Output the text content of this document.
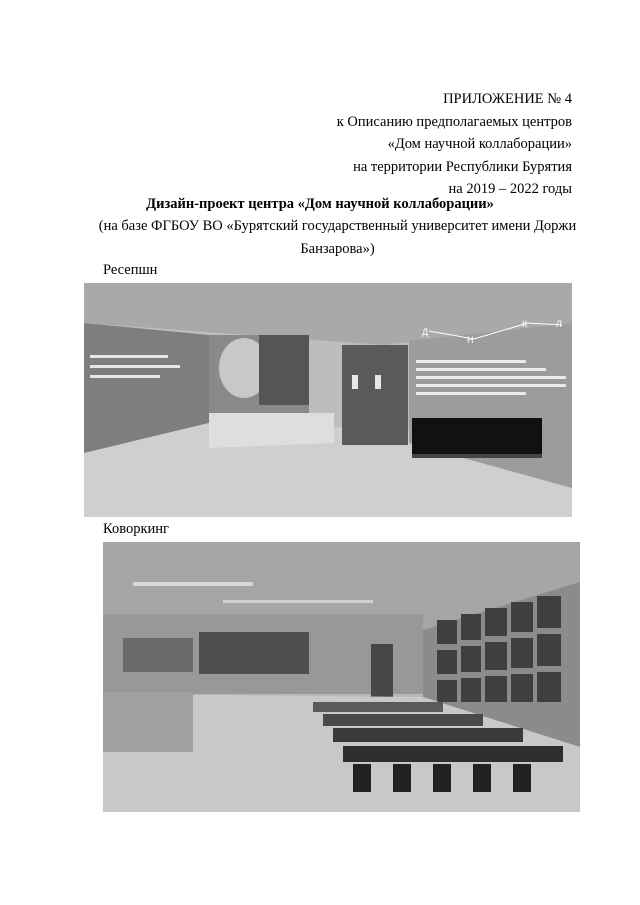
ПРИЛОЖЕНИЕ № 4
к Описанию предполагаемых центров
«Дом научной коллаборации»
на территории Республики Бурятия
на 2019 – 2022 годы
Дизайн-проект центра «Дом научной коллаборации»
(на базе ФГБОУ ВО «Бурятский государственный университет имени Доржи Банзарова»)
Ресепшн
Д
Н
К	Л
Коворкинг
